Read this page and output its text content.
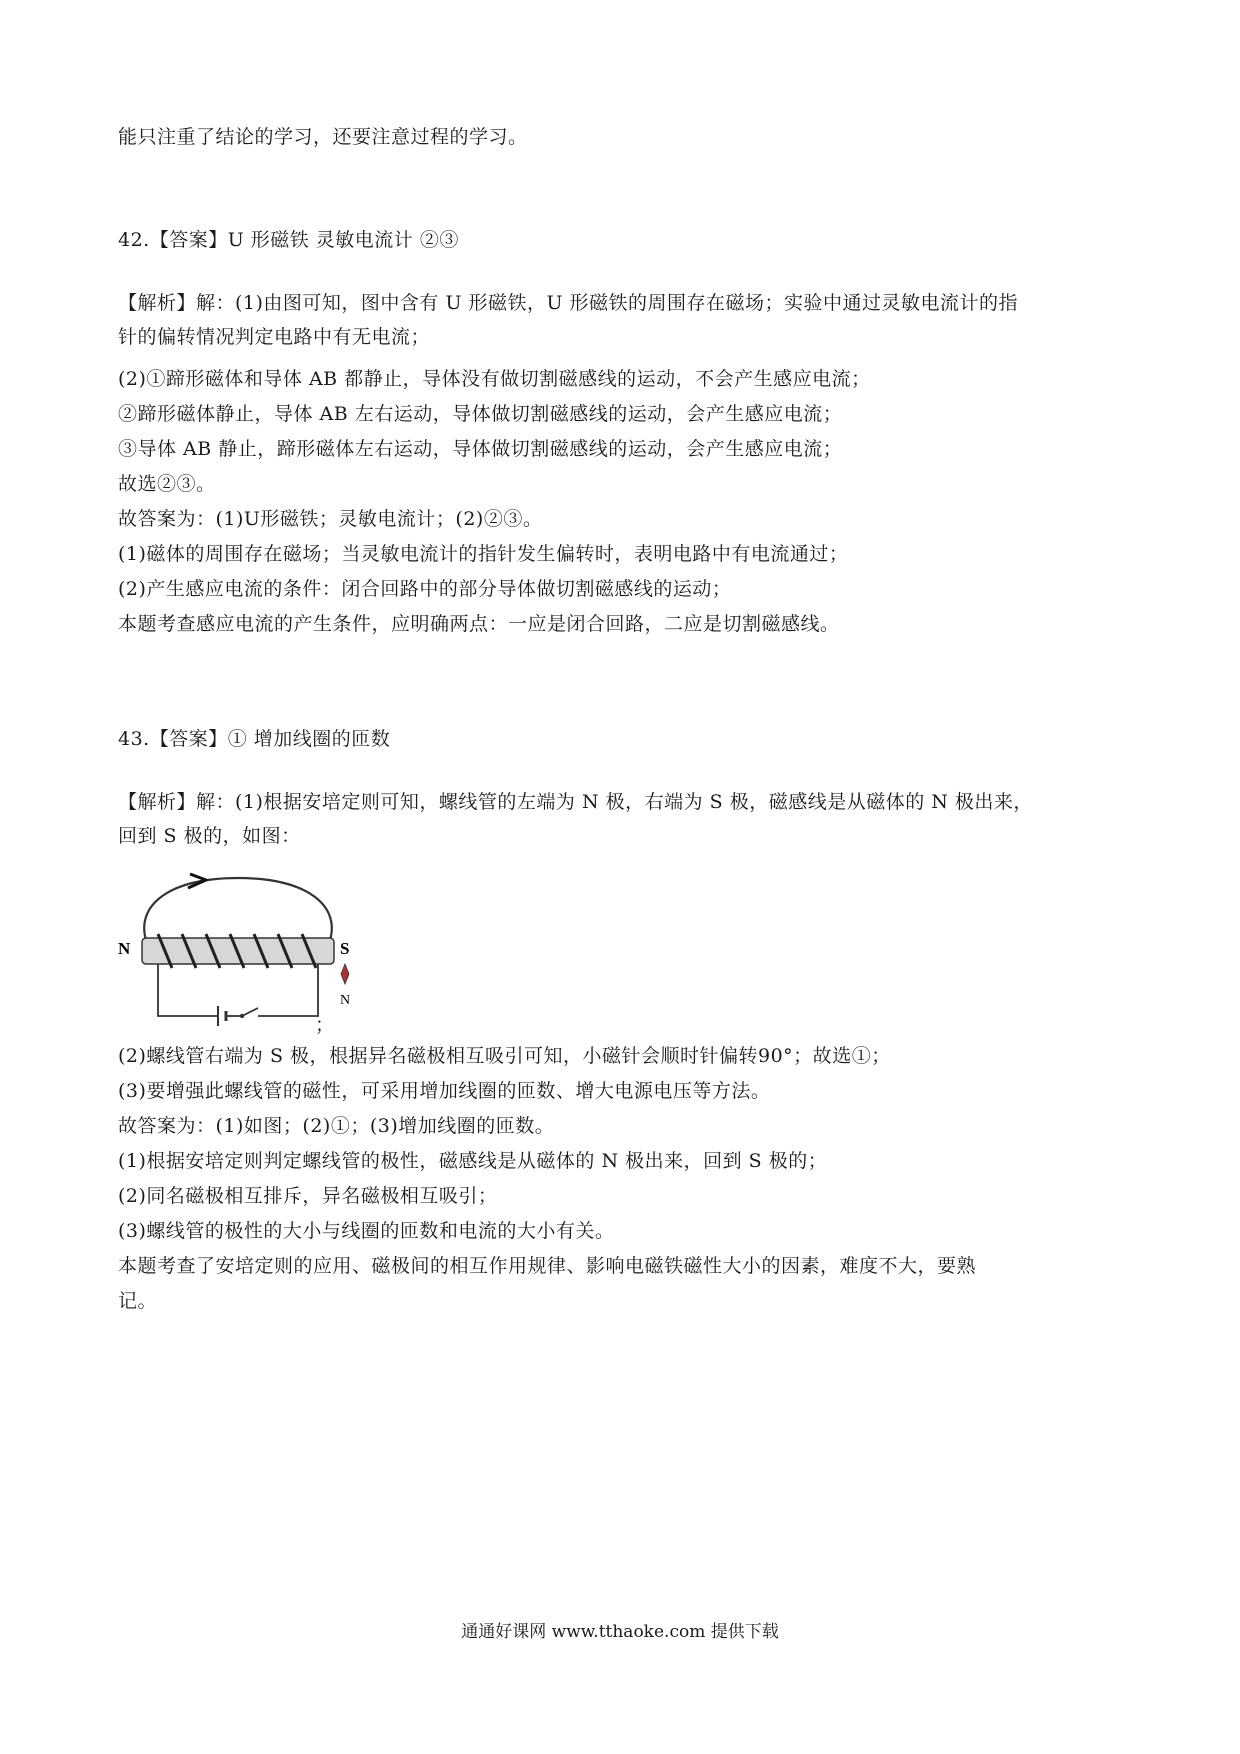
能只注重了结论的学习，还要注意过程的学习。
42.【答案】U 形磁铁 灵敏电流计 ②③
【解析】解：(1)由图可知，图中含有 U 形磁铁，U 形磁铁的周围存在磁场；实验中通过灵敏电流计的指
针的偏转情况判定电路中有无电流；
(2)①蹄形磁体和导体 AB 都静止，导体没有做切割磁感线的运动，不会产生感应电流；
②蹄形磁体静止，导体 AB 左右运动，导体做切割磁感线的运动，会产生感应电流；
③导体 AB 静止，蹄形磁体左右运动，导体做切割磁感线的运动，会产生感应电流；
故选②③。
故答案为：(1)U形磁铁；灵敏电流计；(2)②③。
(1)磁体的周围存在磁场；当灵敏电流计的指针发生偏转时，表明电路中有电流通过；
(2)产生感应电流的条件：闭合回路中的部分导体做切割磁感线的运动；
本题考查感应电流的产生条件，应明确两点：一应是闭合回路，二应是切割磁感线。
43.【答案】① 增加线圈的匝数
【解析】解：(1)根据安培定则可知，螺线管的左端为 N 极，右端为 S 极，磁感线是从磁体的 N 极出来，
回到 S 极的，如图：
N	S
N
；
(2)螺线管右端为 S 极，根据异名磁极相互吸引可知，小磁针会顺时针偏转90°；故选①；
(3)要增强此螺线管的磁性，可采用增加线圈的匝数、增大电源电压等方法。
故答案为：(1)如图；(2)①；(3)增加线圈的匝数。
(1)根据安培定则判定螺线管的极性，磁感线是从磁体的 N 极出来，回到 S 极的；
(2)同名磁极相互排斥，异名磁极相互吸引；
(3)螺线管的极性的大小与线圈的匝数和电流的大小有关。
本题考查了安培定则的应用、磁极间的相互作用规律、影响电磁铁磁性大小的因素，难度不大，要熟
记。
通通好课网 www.tthaoke.com 提供下载
